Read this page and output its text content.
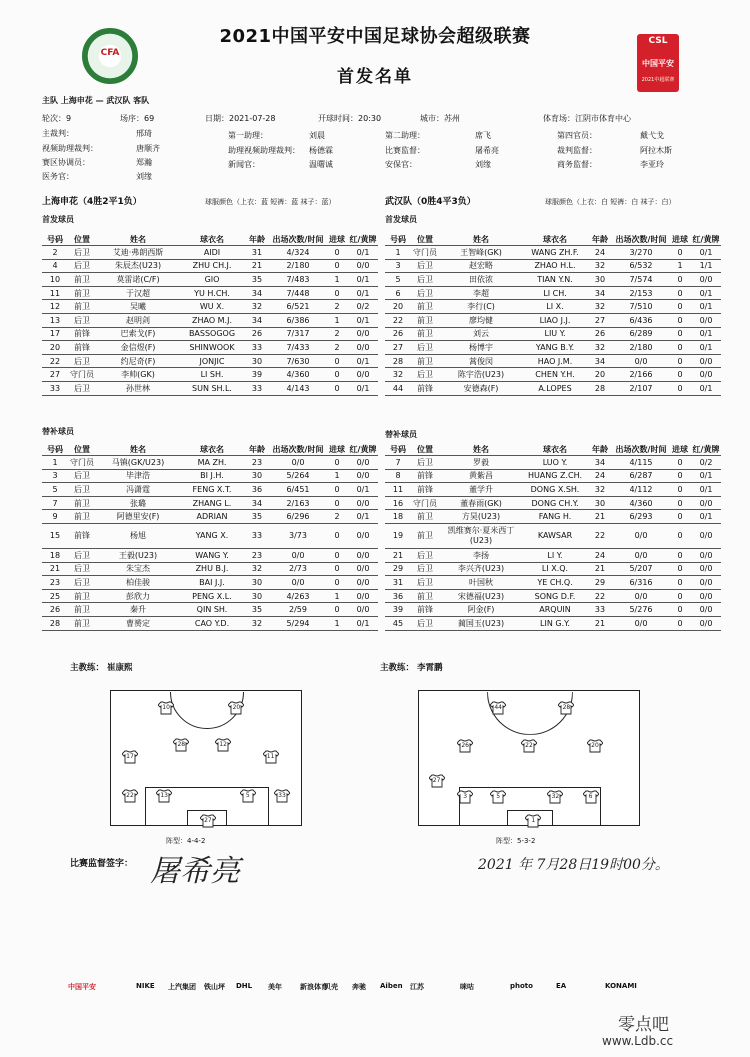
CFA
2021中国平安中国足球协会超级联赛
首发名单
CSL
中国平安
2021中超联赛
主队 上海申花 — 武汉队 客队
轮次：9	场序：69	日期：2021-07-28	开球时间：20:30	城市：苏州	体育场：江阴市体育中心
主裁判：	邢琦
视频助理裁判：	唐顺齐
赛区协调员：	郑瀚
医务官：	刘缘
第一助理：	刘晨
助理视频助理裁判： 杨德霖
新闻官：	温曙诚
第二助理：	席飞
比赛监督：	屠希亮
安保官：	刘缘
第四官员：	戴弋戈
裁判监督：	阿拉木斯
商务监督：	李亚玲
上海申花（4胜2平1负）	球服颜色（上衣：蓝 短裤：蓝 袜子：蓝）	武汉队（0胜4平3负）	球服颜色（上衣：白 短裤：白 袜子：白）
首发球员	首发球员
号码	位置	姓名	球衣名	年龄	出场次数/时间	进球	红/黄牌
2	后卫	艾迪·弗朗西斯	AIDI	31	4/324	0	0/1
4	后卫	朱辰杰(U23)	ZHU CH.J.	21	2/180	0	0/0
10	前卫	莫雷诺(C/F)	GIO	35	7/483	1	0/1
11	前卫	于汉超	YU H.CH.	34	7/448	0	0/1
12	前卫	吴曦	WU X.	32	6/521	2	0/2
13	后卫	赵明剑	ZHAO M.J.	34	6/386	1	0/1
17	前锋	巴索戈(F)	BASSOGOG	26	7/317	2	0/0
20	前锋	金信煜(F)	SHINWOOK	33	7/433	2	0/0
22	后卫	约尼奇(F)	JONJIC	30	7/630	0	0/1
27	守门员	李帅(GK)	LI SH.	39	4/360	0	0/0
33	后卫	孙世林	SUN SH.L.	33	4/143	0	0/1
号码	位置	姓名	球衣名	年龄	出场次数/时间	进球	红/黄牌
1	守门员	王智峰(GK)	WANG ZH.F.	24	3/270	0	0/1
3	后卫	赵宏略	ZHAO H.L.	32	6/532	1	1/1
5	后卫	田依浓	TIAN Y.N.	30	7/574	0	0/0
6	后卫	李超	LI CH.	34	2/153	0	0/1
20	前卫	李行(C)	LI X.	32	7/510	0	0/1
22	前卫	廖均健	LIAO J.J.	27	6/436	0	0/0
26	前卫	刘云	LIU Y.	26	6/289	0	0/1
27	后卫	杨博宇	YANG B.Y.	32	2/180	0	0/1
28	前卫	蒿俊闵	HAO J.M.	34	0/0	0	0/0
32	后卫	陈宇浩(U23)	CHEN Y.H.	20	2/166	0	0/0
44	前锋	安德森(F)	A.LOPES	28	2/107	0	0/1
替补球员	替补球员
号码	位置	姓名	球衣名	年龄	出场次数/时间	进球	红/黄牌
1	守门员	马镇(GK/U23)	MA ZH.	23	0/0	0	0/0
3	后卫	毕津浩	BI J.H.	30	5/264	1	0/0
5	后卫	冯潇霆	FENG X.T.	36	6/451	0	0/1
7	前卫	张璐	ZHANG L.	34	2/163	0	0/0
9	前卫	阿德里安(F)	ADRIAN	35	6/296	2	0/1
15	前锋	杨旭	YANG X.	33	3/73	0	0/0
18	后卫	王毅(U23)	WANG Y.	23	0/0	0	0/0
21	后卫	朱宝杰	ZHU B.J.	32	2/73	0	0/0
23	后卫	柏佳骏	BAI J.J.	30	0/0	0	0/0
25	前卫	彭欣力	PENG X.L.	30	4/263	1	0/0
26	前卫	秦升	QIN SH.	35	2/59	0	0/0
28	前卫	曹赟定	CAO Y.D.	32	5/294	1	0/1
号码	位置	姓名	球衣名	年龄	出场次数/时间	进球	红/黄牌
7	后卫	罗毅	LUO Y.	34	4/115	0	0/2
8	前锋	黄紫昌	HUANG Z.CH.	24	6/287	0	0/1
11	前锋	董学升	DONG X.SH.	32	4/112	0	0/1
16	守门员	董春雨(GK)	DONG CH.Y.	30	4/360	0	0/0
18	前卫	方昊(U23)	FANG H.	21	6/293	0	0/1
19	前卫	凯维赛尔·夏米西丁(U23)	KAWSAR	22	0/0	0	0/0
21	后卫	李扬	LI Y.	24	0/0	0	0/0
29	后卫	李兴齐(U23)	LI X.Q.	21	5/207	0	0/0
31	后卫	叶国秋	YE CH.Q.	29	6/316	0	0/0
36	前卫	宋德福(U23)	SONG D.F.	22	0/0	0	0/0
39	前锋	阿金(F)	ARQUIN	33	5/276	0	0/0
45	后卫	蔺国玉(U23)	LIN G.Y.	21	0/0	0	0/0
主教练： 崔康熙	主教练： 李霄鹏
10	20
17
28	12
11
22	13	5	33
27
44	28
26	22	20
27
3	5	32	6
1
阵型：4-4-2	阵型：5-3-2
比赛监督签字： 屠希亮	2021 年 7月28日19时00分。
中国平安	NIKE 上汽集团 铁山坪 DHL 美年	新浪体育
贝壳 奔驰 Aiben 江苏	咪咕	photo	EA	KONAMI
零点吧
www.Ldb.cc
